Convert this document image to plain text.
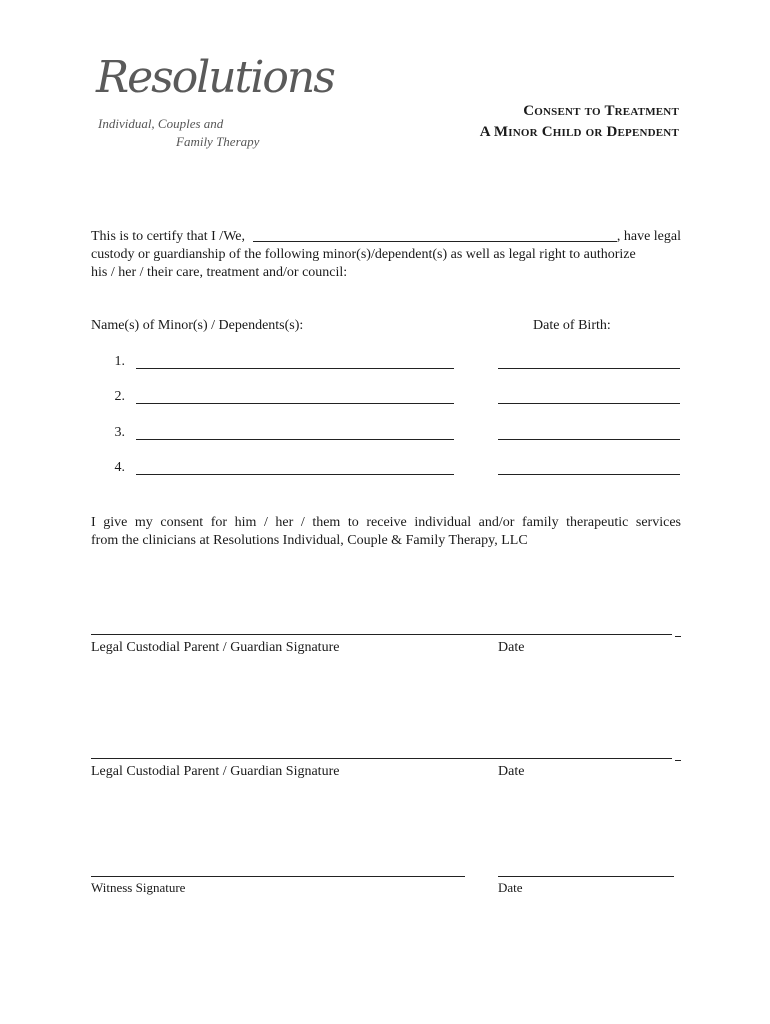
Resolutions
Individual, Couples and
Family Therapy
Consent to Treatment
A Minor Child or Dependent
This is to certify that I /We,	, have legal
custody or guardianship of the following minor(s)/dependent(s) as well as legal right to authorize
his / her / their care, treatment and/or council:
Name(s) of Minor(s) / Dependents(s):	Date of Birth:
1.
2.
3.
4.
I give my consent for him / her / them to receive individual and/or family therapeutic services
from the clinicians at Resolutions Individual, Couple & Family Therapy, LLC
Legal Custodial Parent / Guardian Signature	Date
Legal Custodial Parent / Guardian Signature	Date
Witness Signature	Date
